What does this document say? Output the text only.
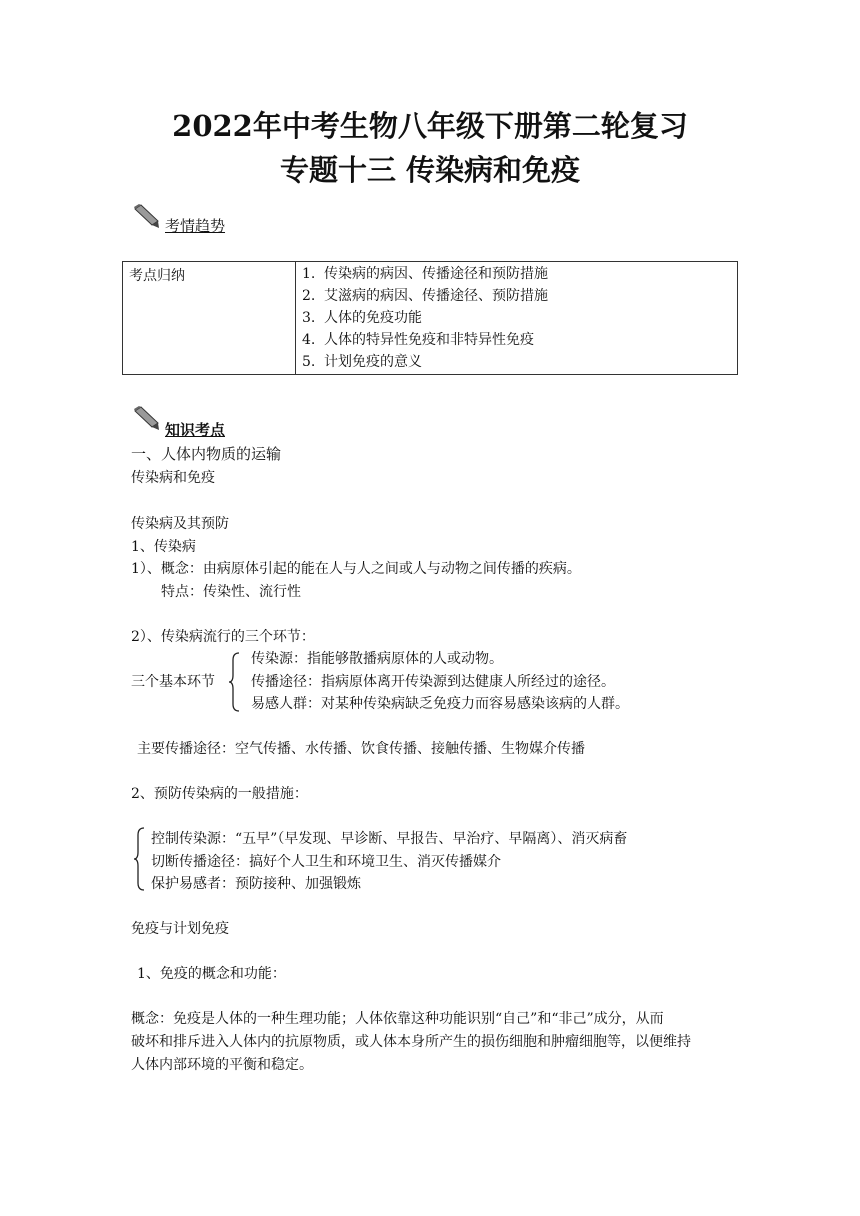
2022年中考生物八年级下册第二轮复习
专题十三 传染病和免疫
考情趋势
考点归纳	1. 传染病的病因、传播途径和预防措施
2. 艾滋病的病因、传播途径、预防措施
3. 人体的免疫功能
4. 人体的特异性免疫和非特异性免疫
5. 计划免疫的意义
知识考点
一、人体内物质的运输
传染病和免疫
传染病及其预防
1、传染病
1）、概念：由病原体引起的能在人与人之间或人与动物之间传播的疾病。
特点：传染性、流行性
2）、传染病流行的三个环节：
三个基本环节
传染源：指能够散播病原体的人或动物。
传播途径：指病原体离开传染源到达健康人所经过的途径。
易感人群：对某种传染病缺乏免疫力而容易感染该病的人群。
主要传播途径：空气传播、水传播、饮食传播、接触传播、生物媒介传播
2、预防传染病的一般措施：
控制传染源：“五早”（早发现、早诊断、早报告、早治疗、早隔离）、消灭病畜
切断传播途径：搞好个人卫生和环境卫生、消灭传播媒介
保护易感者：预防接种、加强锻炼
免疫与计划免疫
1、免疫的概念和功能：
概念：免疫是人体的一种生理功能；人体依靠这种功能识别“自己”和“非己”成分，从而
破坏和排斥进入人体内的抗原物质，或人体本身所产生的损伤细胞和肿瘤细胞等，以便维持
人体内部环境的平衡和稳定。
